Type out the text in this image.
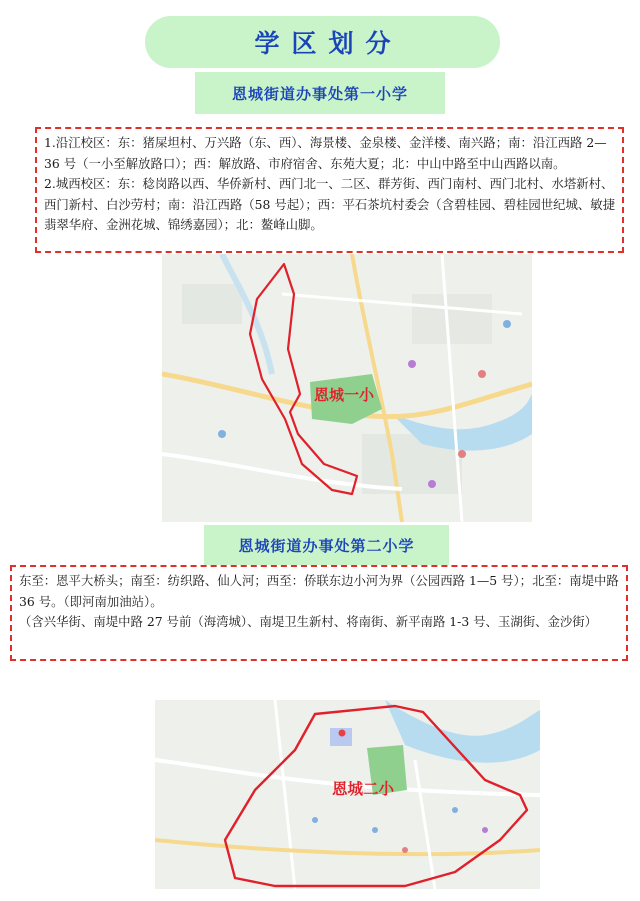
学区划分
恩城街道办事处第一小学

1.沿江校区：东：猪屎坦村、万兴路（东、西）、海景楼、金泉楼、金洋楼、南兴路；南：沿江西路 2—36 号（一小至解放路口）；西：解放路、市府宿舍、东苑大夏；北：中山中路至中山西路以南。

2.城西校区：东：稔岗路以西、华侨新村、西门北一、二区、群芳街、西门南村、西门北村、水塔新村、西门新村、白沙劳村；南：沿江西路（58 号起）；西：平石茶坑村委会（含碧桂园、碧桂园世纪城、敏捷翡翠华府、金洲花城、锦绣嘉园）；北：鳌峰山脚。

恩城一小
恩城街道办事处第二小学

东至：恩平大桥头；南至：纺织路、仙人河；西至：侨联东边小河为界（公园西路 1—5 号）；北至：南堤中路 36 号。（即河南加油站）。

（含兴华街、南堤中路 27 号前（海湾城）、南堤卫生新村、将南街、新平南路 1-3 号、玉湖街、金沙街）

恩城二小
